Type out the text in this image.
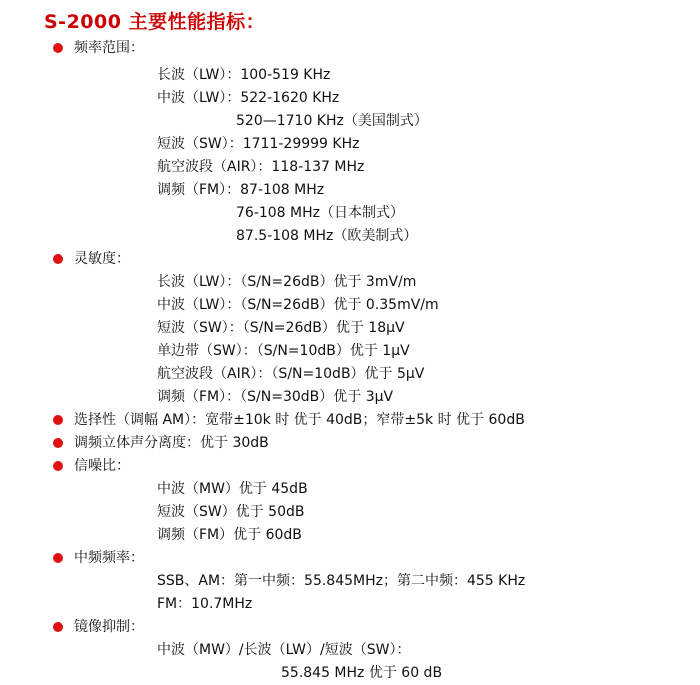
S-2000 主要性能指标：
频率范围：
长波（LW）：100-519 KHz
中波（LW）：522-1620 KHz
520—1710 KHz（美国制式）
短波（SW）：1711-29999 KHz
航空波段（AIR）：118-137 MHz
调频（FM）：87-108 MHz
76-108 MHz（日本制式）
87.5-108 MHz（欧美制式）
灵敏度：
长波（LW）：（S/N=26dB）优于 3mV/m
中波（LW）：（S/N=26dB）优于 0.35mV/m
短波（SW）：（S/N=26dB）优于 18μV
单边带（SW）：（S/N=10dB）优于 1μV
航空波段（AIR）：（S/N=10dB）优于 5μV
调频（FM）：（S/N=30dB）优于 3μV
选择性（调幅 AM）：宽带±10k 时 优于 40dB；窄带±5k 时 优于 60dB
调频立体声分离度：优于 30dB
信噪比：
中波（MW）优于 45dB
短波（SW）优于 50dB
调频（FM）优于 60dB
中频频率：
SSB、AM：第一中频：55.845MHz；第二中频：455 KHz
FM：10.7MHz
镜像抑制：
中波（MW）/长波（LW）/短波（SW）：
55.845 MHz 优于 60 dB
